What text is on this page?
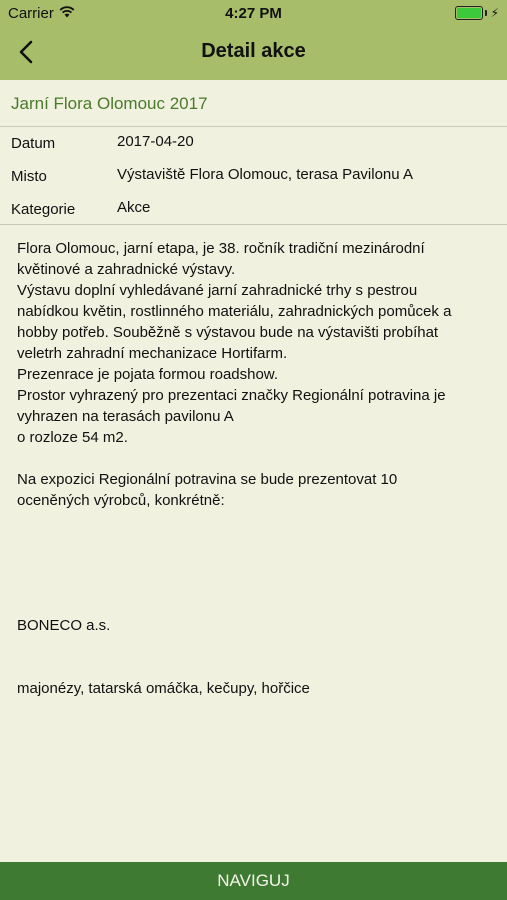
Carrier	4:27 PM	⚡
Detail akce
Jarní Flora Olomouc 2017
Datum	2017-04-20
Misto	Výstaviště Flora Olomouc, terasa Pavilonu A
Kategorie	Akce
Flora Olomouc, jarní etapa, je 38. ročník tradiční mezinárodní
květinové a zahradnické výstavy.
Výstavu doplní vyhledávané jarní zahradnické trhy s pestrou
nabídkou květin, rostlinného materiálu, zahradnických pomůcek a
hobby potřeb. Souběžně s výstavou bude na výstavišti probíhat
veletrh zahradní mechanizace Hortifarm.
Prezenrace je pojata formou roadshow.
Prostor vyhrazený pro prezentaci značky Regionální potravina je
vyhrazen na terasách pavilonu A
o rozloze 54 m2.
Na expozici Regionální potravina se bude prezentovat 10
oceněných výrobců, konkrétně:
BONECO a.s.
majonézy, tatarská omáčka, kečupy, hořčice
NAVIGUJ
